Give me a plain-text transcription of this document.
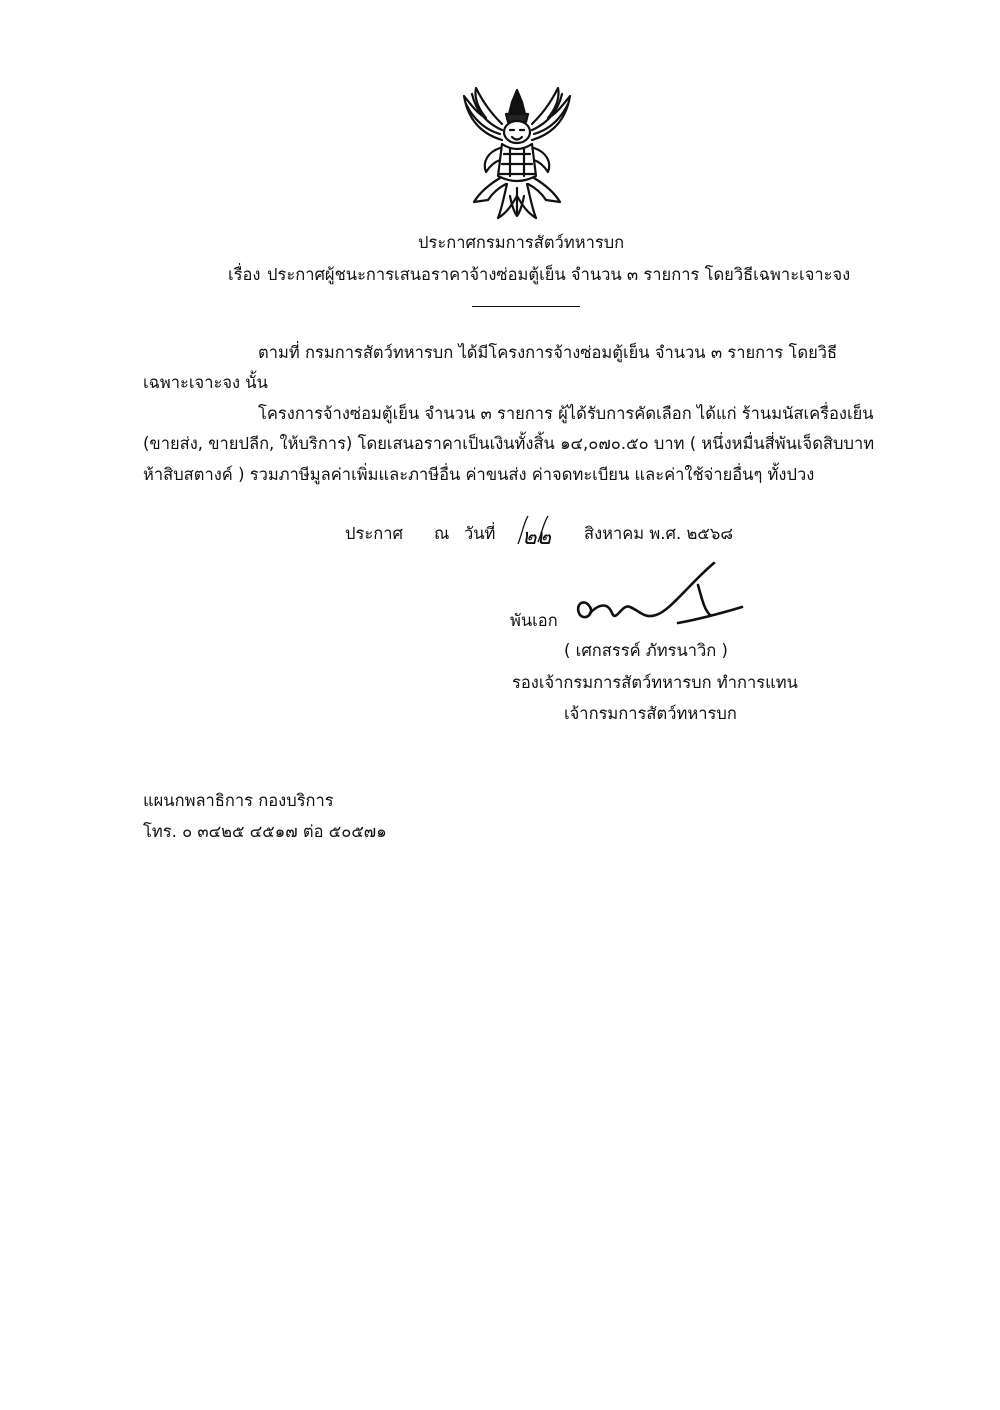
ประกาศกรมการสัตว์ทหารบก
เรื่อง ประกาศผู้ชนะการเสนอราคาจ้างซ่อมตู้เย็น จำนวน ๓ รายการ โดยวิธีเฉพาะเจาะจง
ตามที่ กรมการสัตว์ทหารบก ได้มีโครงการจ้างซ่อมตู้เย็น จำนวน ๓ รายการ โดยวิธี
เฉพาะเจาะจง นั้น
โครงการจ้างซ่อมตู้เย็น จำนวน ๓ รายการ ผู้ได้รับการคัดเลือก ได้แก่ ร้านมนัสเครื่องเย็น
(ขายส่ง, ขายปลีก, ให้บริการ) โดยเสนอราคาเป็นเงินทั้งสิ้น ๑๔,๐๗๐.๕๐ บาท ( หนึ่งหมื่นสี่พันเจ็ดสิบบาท
ห้าสิบสตางค์ ) รวมภาษีมูลค่าเพิ่มและภาษีอื่น ค่าขนส่ง ค่าจดทะเบียน และค่าใช้จ่ายอื่นๆ ทั้งปวง
ประกาศ ณ วันที่ ๒๒ สิงหาคม พ.ศ. ๒๕๖๘
พันเอก
( เศกสรรค์ ภัทรนาวิก )
รองเจ้ากรมการสัตว์ทหารบก ทำการแทน
เจ้ากรมการสัตว์ทหารบก
แผนกพลาธิการ กองบริการ
โทร. ๐ ๓๔๒๕ ๔๕๑๗ ต่อ ๕๐๕๗๑
